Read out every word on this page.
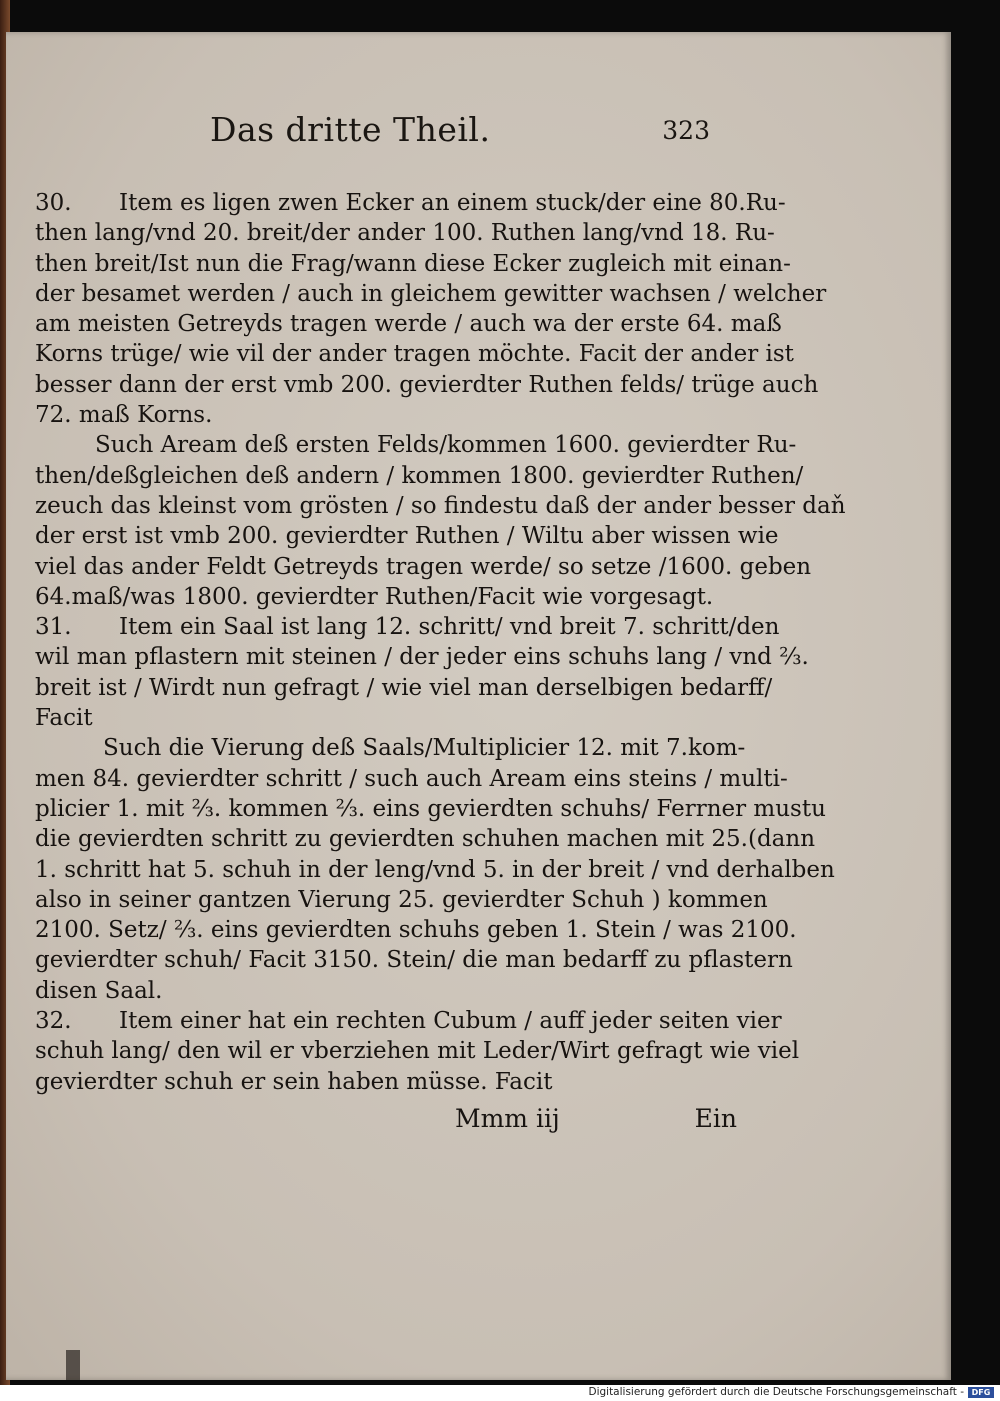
Das dritte Theil.	323
30. Item es ligen zwen Ecker an einem stuck/der eine 80.Ru-
then lang/vnd 20. breit/der ander 100. Ruthen lang/vnd 18. Ru-
then breit/Ist nun die Frag/wann diese Ecker zugleich mit einan-
der besamet werden / auch in gleichem gewitter wachsen / welcher
am meisten Getreyds tragen werde / auch wa der erste 64. maß
Korns trüge/ wie vil der ander tragen möchte. Facit der ander ist
besser dann der erst vmb 200. gevierdter Ruthen felds/ trüge auch
72. maß Korns.
Such Aream deß ersten Felds/kommen 1600. gevierdter Ru-
then/deßgleichen deß andern / kommen 1800. gevierdter Ruthen/
zeuch das kleinst vom grösten / so findestu daß der ander besser daň
der erst ist vmb 200. gevierdter Ruthen / Wiltu aber wissen wie
viel das ander Feldt Getreyds tragen werde/ so setze /1600. geben
64.maß/was 1800. gevierdter Ruthen/Facit wie vorgesagt.
31. Item ein Saal ist lang 12. schritt/ vnd breit 7. schritt/den
wil man pflastern mit steinen / der jeder eins schuhs lang / vnd ⅔.
breit ist / Wirdt nun gefragt / wie viel man derselbigen bedarff/
Facit
Such die Vierung deß Saals/Multiplicier 12. mit 7.kom-
men 84. gevierdter schritt / such auch Aream eins steins / multi-
plicier 1. mit ⅔. kommen ⅔. eins gevierdten schuhs/ Ferrner mustu
die gevierdten schritt zu gevierdten schuhen machen mit 25.(dann
1. schritt hat 5. schuh in der leng/vnd 5. in der breit / vnd derhalben
also in seiner gantzen Vierung 25. gevierdter Schuh ) kommen
2100. Setz/ ⅔. eins gevierdten schuhs geben 1. Stein / was 2100.
gevierdter schuh/ Facit 3150. Stein/ die man bedarff zu pflastern
disen Saal.
32. Item einer hat ein rechten Cubum / auff jeder seiten vier
schuh lang/ den wil er vberziehen mit Leder/Wirt gefragt wie viel
gevierdter schuh er sein haben müsse. Facit
Mmm iij	Ein
Digitalisierung gefördert durch die Deutsche Forschungsgemeinschaft - DFG
